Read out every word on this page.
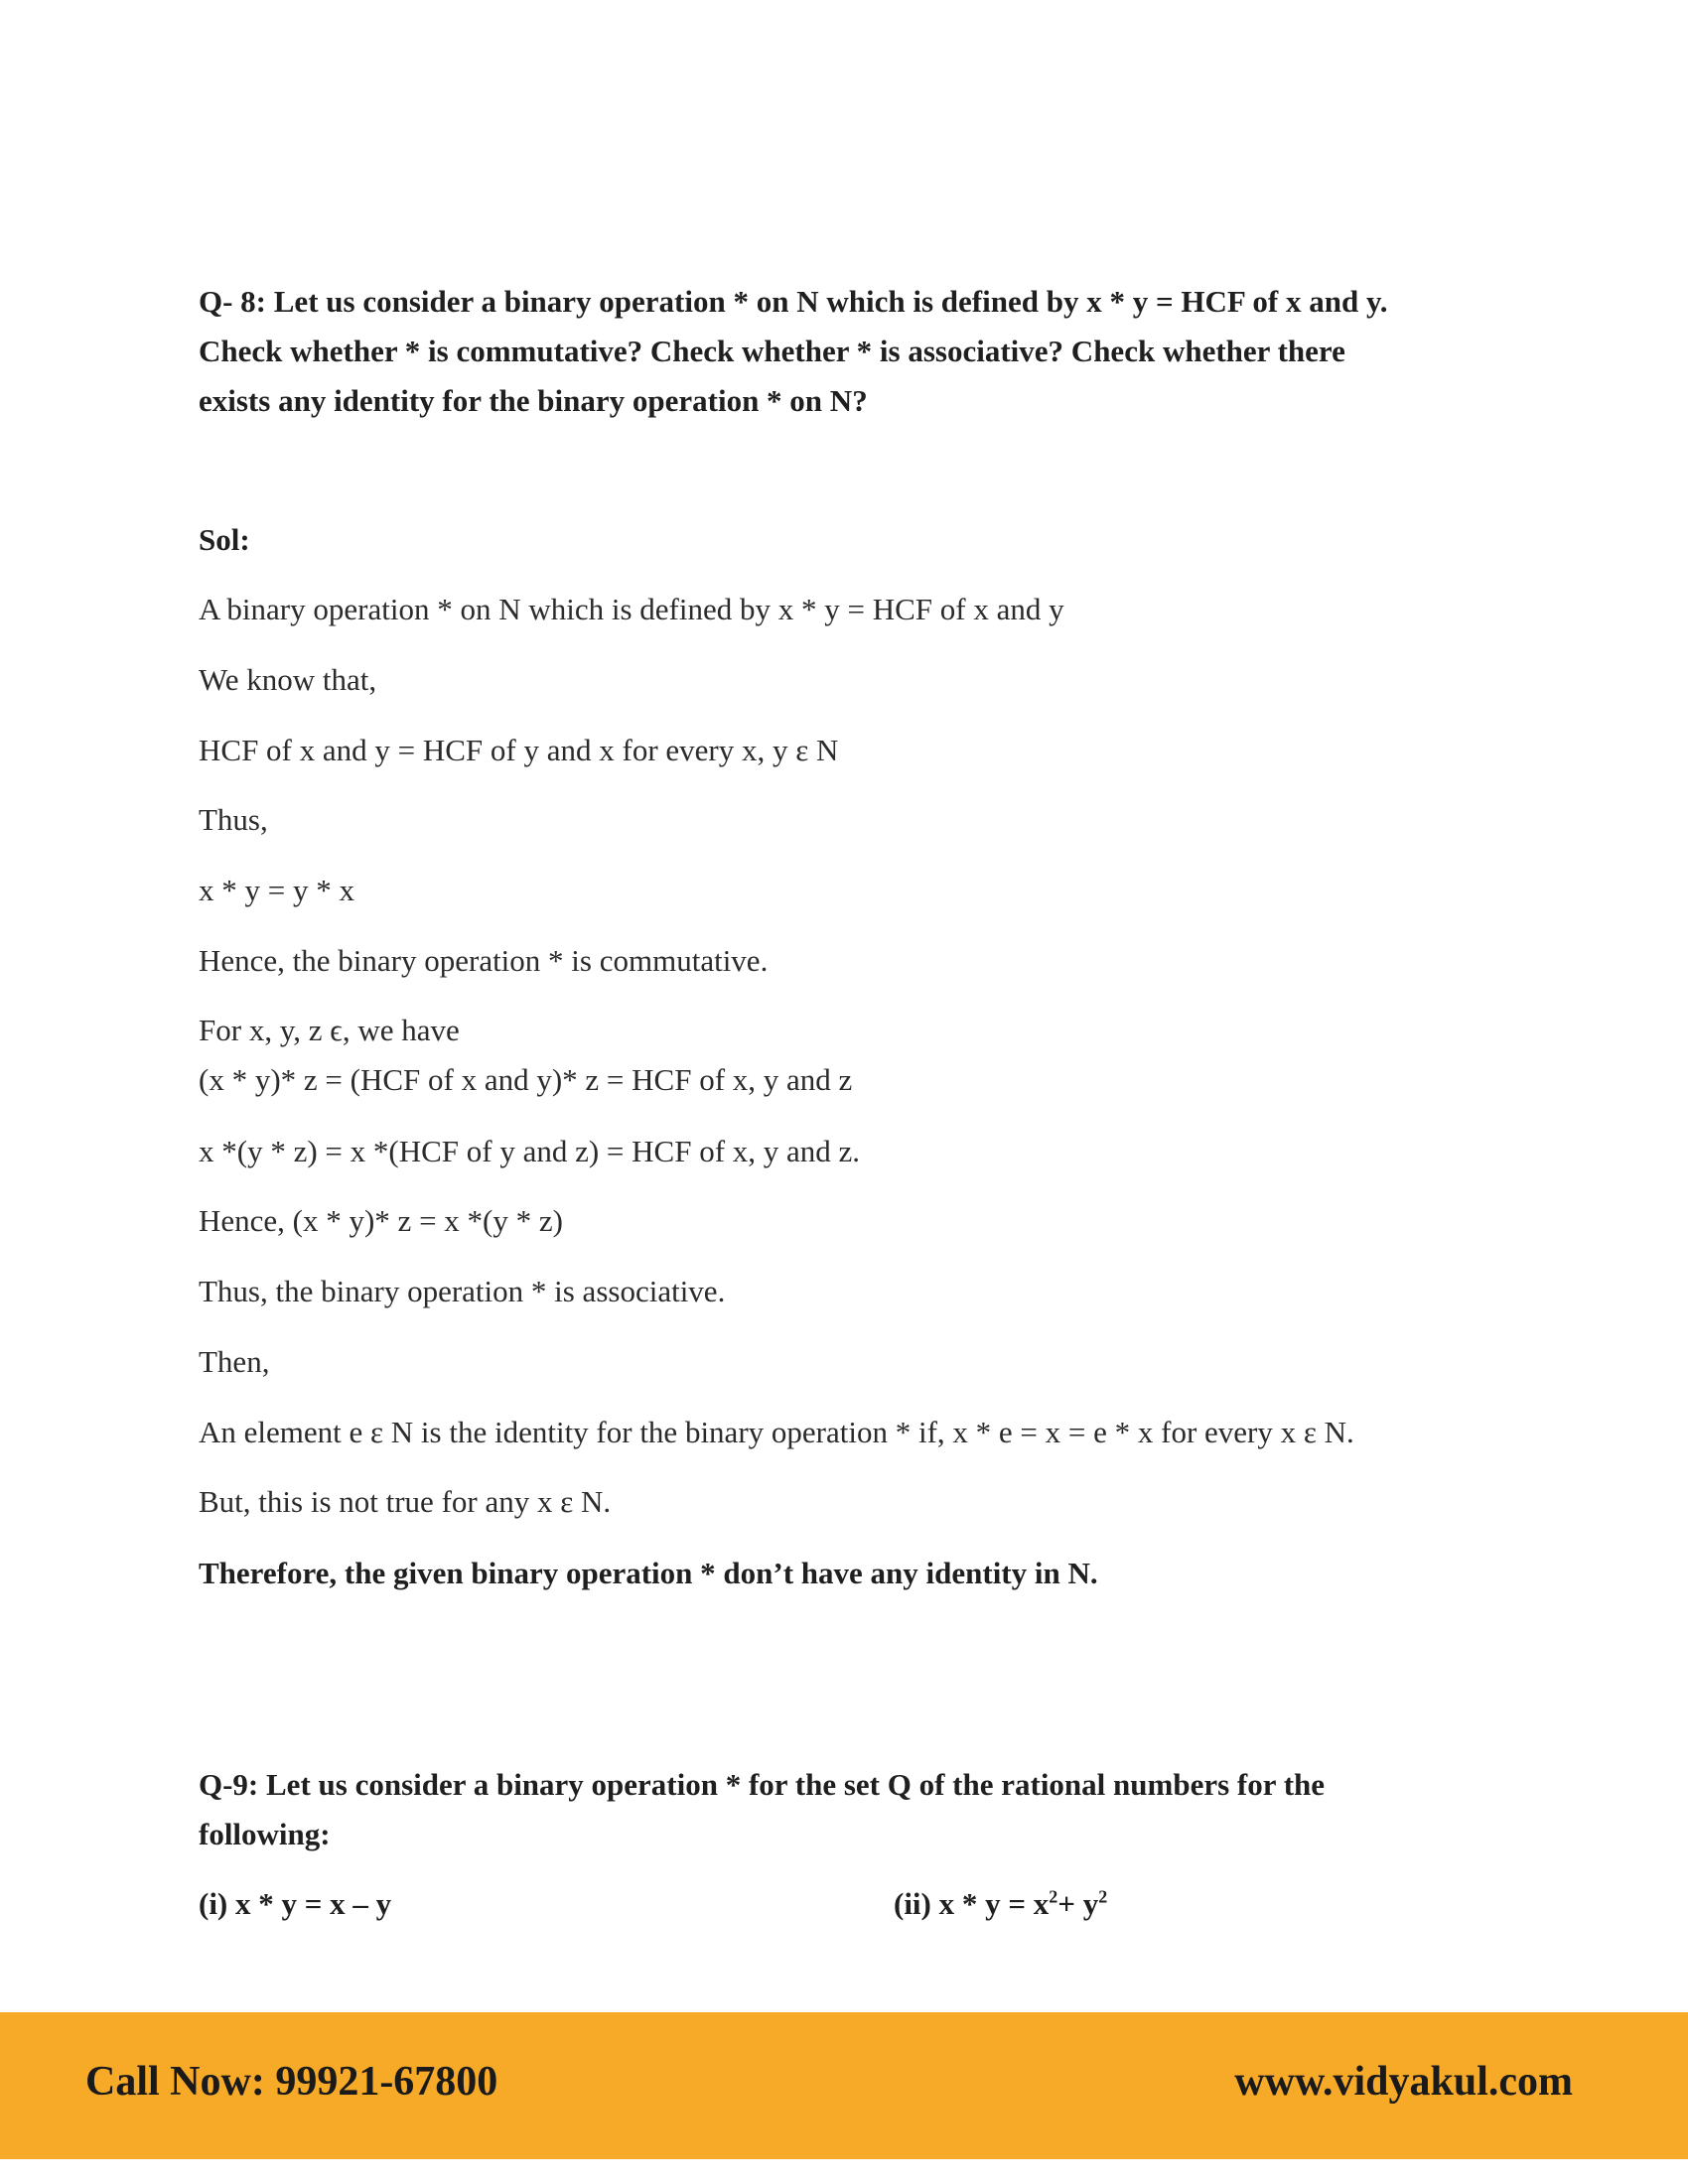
Q- 8: Let us consider a binary operation * on N which is defined by x * y = HCF of x and y.
Check whether * is commutative? Check whether * is associative? Check whether there
exists any identity for the binary operation * on N?
Sol:
A binary operation * on N which is defined by x * y = HCF of x and y
We know that,
HCF of x and y = HCF of y and x for every x, y ε N
Thus,
x * y = y * x
Hence, the binary operation * is commutative.
For x, y, z ϵ, we have
(x * y)* z = (HCF of x and y)* z = HCF of x, y and z
x *(y * z) = x *(HCF of y and z) = HCF of x, y and z.
Hence, (x * y)* z = x *(y * z)
Thus, the binary operation * is associative.
Then,
An element e ε N is the identity for the binary operation * if, x * e = x = e * x for every x ε N.
But, this is not true for any x ε N.
Therefore, the given binary operation * don’t have any identity in N.
Q-9: Let us consider a binary operation * for the set Q of the rational numbers for the
following:
(i) x * y = x – y	(ii) $x * y = x^2+ y^2$
Call Now: 99921-67800	www.vidyakul.com
